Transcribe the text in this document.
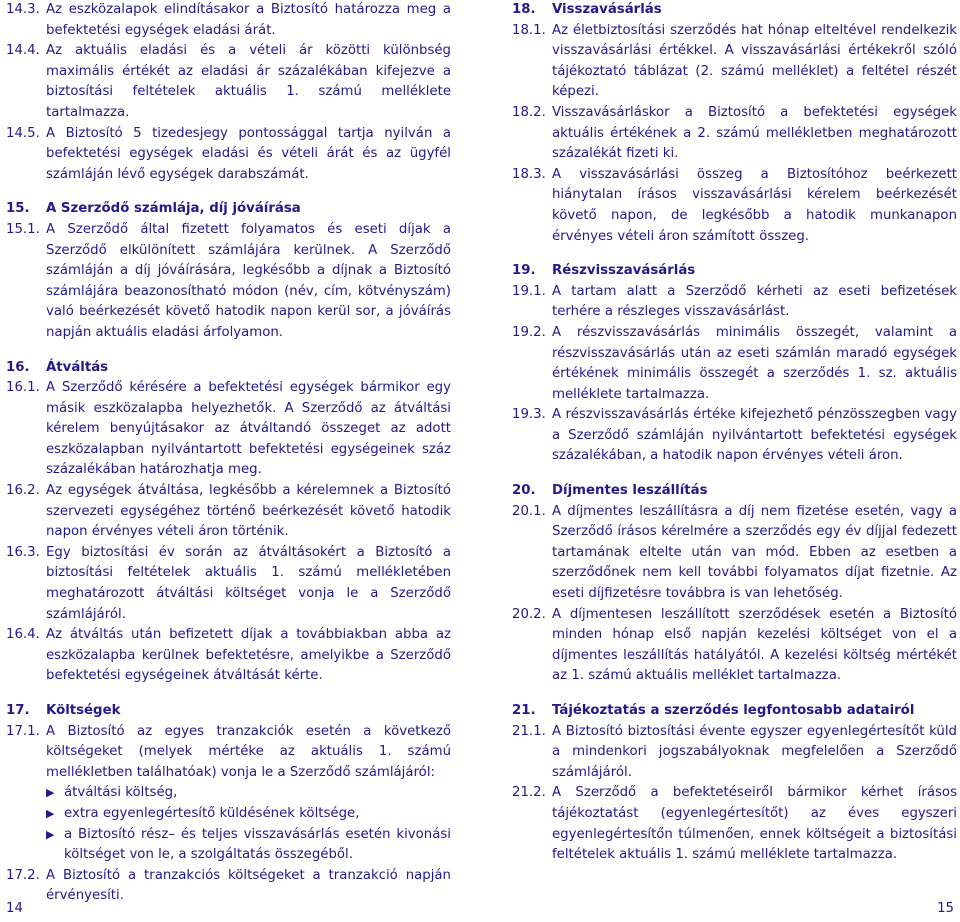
14.3. Az eszközalapok elindításakor a Biztosító határozza meg a befektetési egységek eladási árát.
14.4. Az aktuális eladási és a vételi ár közötti különbség maximális értékét az eladási ár százalékában kifejezve a biztosítási feltételek aktuális 1. számú melléklete tartalmazza.
14.5. A Biztosító 5 tizedesjegy pontossággal tartja nyilván a befektetési egységek eladási és vételi árát és az ügyfél számláján lévő egységek darabszámát.
15.	A Szerződő számlája, díj jóváírása
15.1. A Szerződő által fizetett folyamatos és eseti díjak a Szerződő elkülönített számlájára kerülnek. A Szerződő számláján a díj jóváírására, legkésőbb a díjnak a Biztosító számlájára beazonosítható módon (név, cím, kötvényszám) való beérkezését követő hatodik napon kerül sor, a jóváírás napján aktuális eladási árfolyamon.
16.	Átváltás
16.1. A Szerződő kérésére a befektetési egységek bármikor egy másik eszközalapba helyezhetők. A Szerződő az átváltási kérelem benyújtásakor az átváltandó összeget az adott eszközalapban nyilvántartott befektetési egységeinek száz százalékában határozhatja meg.
16.2. Az egységek átváltása, legkésőbb a kérelemnek a Biztosító szervezeti egységéhez történő beérkezését követő hatodik napon érvényes vételi áron történik.
16.3. Egy biztosítási év során az átváltásokért a Biztosító a biztosítási feltételek aktuális 1. számú mellékletében meghatározott átváltási költséget vonja le a Szerződő számlájáról.
16.4. Az átváltás után befizetett díjak a továbbiakban abba az eszközalapba kerülnek befektetésre, amelyikbe a Szerződő befektetési egységeinek átváltását kérte.
17.	Költségek
17.1. A Biztosító az egyes tranzakciók esetén a következő költségeket (melyek mértéke az aktuális 1. számú mellékletben találhatóak) vonja le a Szerződő számlájáról:
▶ átváltási költség,
▶ extra egyenlegértesítő küldésének költsége,
▶ a Biztosító rész– és teljes visszavásárlás esetén kivonási költséget von le, a szolgáltatás összegéből.
17.2. A Biztosító a tranzakciós költségeket a tranzakció napján érvényesíti.
18.	Visszavásárlás
18.1. Az életbiztosítási szerződés hat hónap elteltével rendelkezik visszavásárlási értékkel. A visszavásárlási értékekről szóló tájékoztató táblázat (2. számú melléklet) a feltétel részét képezi.
18.2. Visszavásárláskor a Biztosító a befektetési egységek aktuális értékének a 2. számú mellékletben meghatározott százalékát fizeti ki.
18.3. A visszavásárlási összeg a Biztosítóhoz beérkezett hiánytalan írásos visszavásárlási kérelem beérkezését követő napon, de legkésőbb a hatodik munkanapon érvényes vételi áron számított összeg.
19.	Részvisszavásárlás
19.1. A tartam alatt a Szerződő kérheti az eseti befizetések terhére a részleges visszavásárlást.
19.2. A részvisszavásárlás minimális összegét, valamint a részvisszavásárlás után az eseti számlán maradó egységek értékének minimális összegét a szerződés 1. sz. aktuális melléklete tartalmazza.
19.3. A részvisszavásárlás értéke kifejezhető pénzösszegben vagy a Szerződő számláján nyilvántartott befektetési egységek százalékában, a hatodik napon érvényes vételi áron.
20.	Díjmentes leszállítás
20.1. A díjmentes leszállításra a díj nem fizetése esetén, vagy a Szerződő írásos kérelmére a szerződés egy év díjjal fedezett tartamának eltelte után van mód. Ebben az esetben a szerződőnek nem kell további folyamatos díjat fizetnie. Az eseti díjfizetésre továbbra is van lehetőség.
20.2. A díjmentesen leszállított szerződések esetén a Biztosító minden hónap első napján kezelési költséget von el a díjmentes leszállítás hatályától. A kezelési költség mértékét az 1. számú aktuális melléklet tartalmazza.
21.	Tájékoztatás a szerződés legfontosabb adatairól
21.1. A Biztosító biztosítási évente egyszer egyenlegértesítőt küld a mindenkori jogszabályoknak megfelelően a Szerződő számlájáról.
21.2. A Szerződő a befektetéseiről bármikor kérhet írásos tájékoztatást (egyenlegértesítőt) az éves egyszeri egyenlegértesítőn túlmenően, ennek költségeit a biztosítási feltételek aktuális 1. számú melléklete tartalmazza.
14	15
